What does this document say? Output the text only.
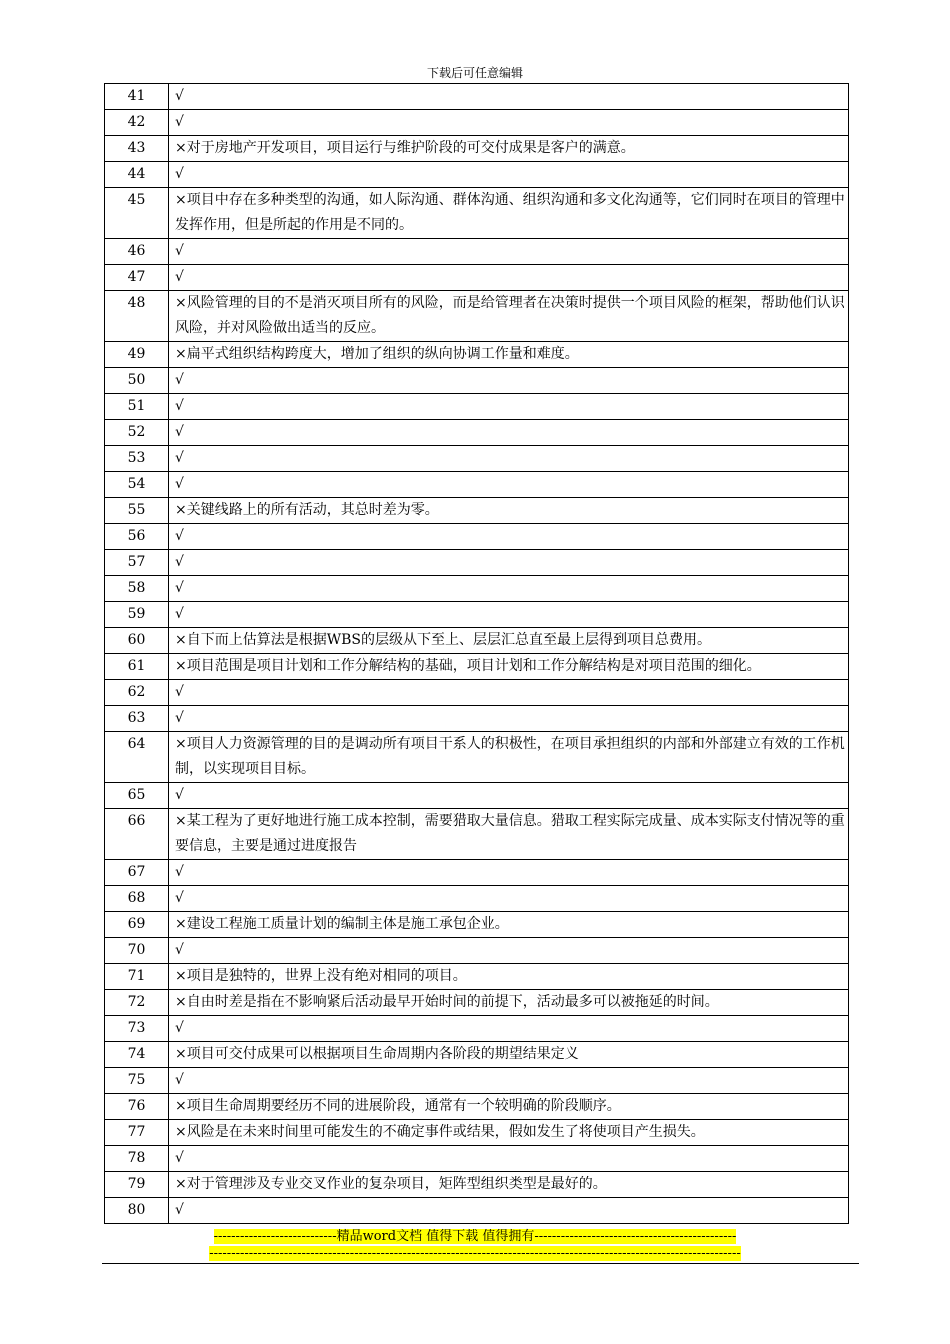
下载后可任意编辑
41	√
42	√
43	×对于房地产开发项目，项目运行与维护阶段的可交付成果是客户的满意。
44	√
45	×项目中存在多种类型的沟通，如人际沟通、群体沟通、组织沟通和多文化沟通等，它们同时在项目的管理中发挥作用，但是所起的作用是不同的。
46	√
47	√
48	×风险管理的目的不是消灭项目所有的风险，而是给管理者在决策时提供一个项目风险的框架，帮助他们认识风险，并对风险做出适当的反应。
49	×扁平式组织结构跨度大，增加了组织的纵向协调工作量和难度。
50	√
51	√
52	√
53	√
54	√
55	×关键线路上的所有活动，其总时差为零。
56	√
57	√
58	√
59	√
60	×自下而上估算法是根据WBS的层级从下至上、层层汇总直至最上层得到项目总费用。
61	×项目范围是项目计划和工作分解结构的基础，项目计划和工作分解结构是对项目范围的细化。
62	√
63	√
64	×项目人力资源管理的目的是调动所有项目干系人的积极性，在项目承担组织的内部和外部建立有效的工作机制，以实现项目目标。
65	√
66	×某工程为了更好地进行施工成本控制，需要猎取大量信息。猎取工程实际完成量、成本实际支付情况等的重要信息，主要是通过进度报告
67	√
68	√
69	×建设工程施工质量计划的编制主体是施工承包企业。
70	√
71	×项目是独特的，世界上没有绝对相同的项目。
72	×自由时差是指在不影响紧后活动最早开始时间的前提下，活动最多可以被拖延的时间。
73	√
74	×项目可交付成果可以根据项目生命周期内各阶段的期望结果定义
75	√
76	×项目生命周期要经历不同的进展阶段，通常有一个较明确的阶段顺序。
77	×风险是在未来时间里可能发生的不确定事件或结果，假如发生了将使项目产生损失。
78	√
79	×对于管理涉及专业交叉作业的复杂项目，矩阵型组织类型是最好的。
80	√
----------------------------精品word文档 值得下载 值得拥有----------------------------------------------
-------------------------------------------------------------------------------------------------------------------------
